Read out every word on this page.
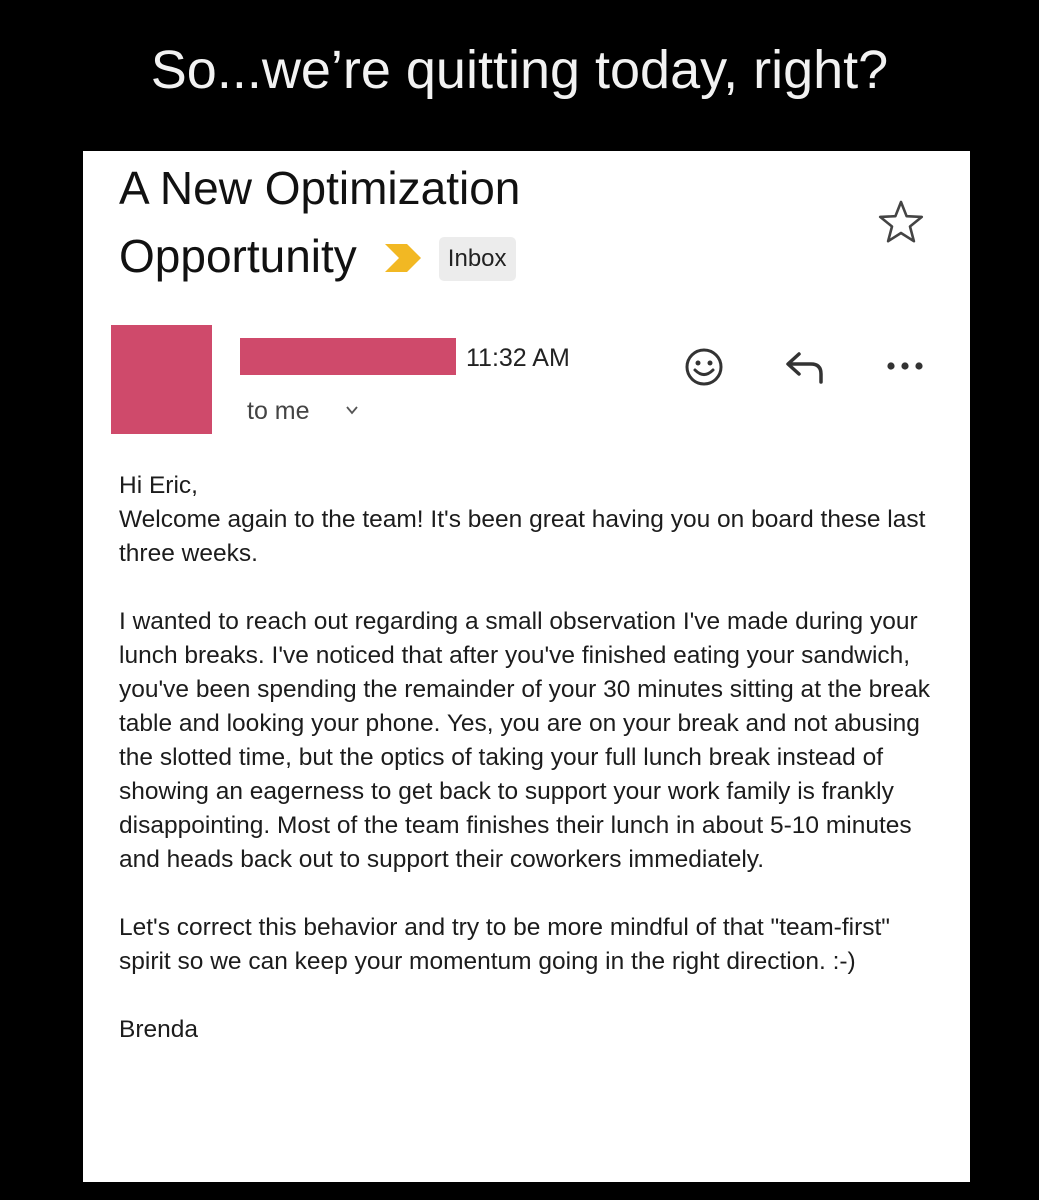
So...we’re quitting today, right?
A New Optimization
Opportunity	Inbox
11:32 AM
to me

Hi Eric,

Welcome again to the team! It's been great having you on board these last three weeks.

I wanted to reach out regarding a small observation I've made during your lunch breaks. I've noticed that after you've finished eating your sandwich, you've been spending the remainder of your 30 minutes sitting at the break table and looking your phone. Yes, you are on your break and not abusing the slotted time, but the optics of taking your full lunch break instead of showing an eagerness to get back to support your work family is frankly disappointing. Most of the team finishes their lunch in about 5-10 minutes and heads back out to support their coworkers immediately.

Let's correct this behavior and try to be more mindful of that "team-first" spirit so we can keep your momentum going in the right direction. :-)

Brenda
